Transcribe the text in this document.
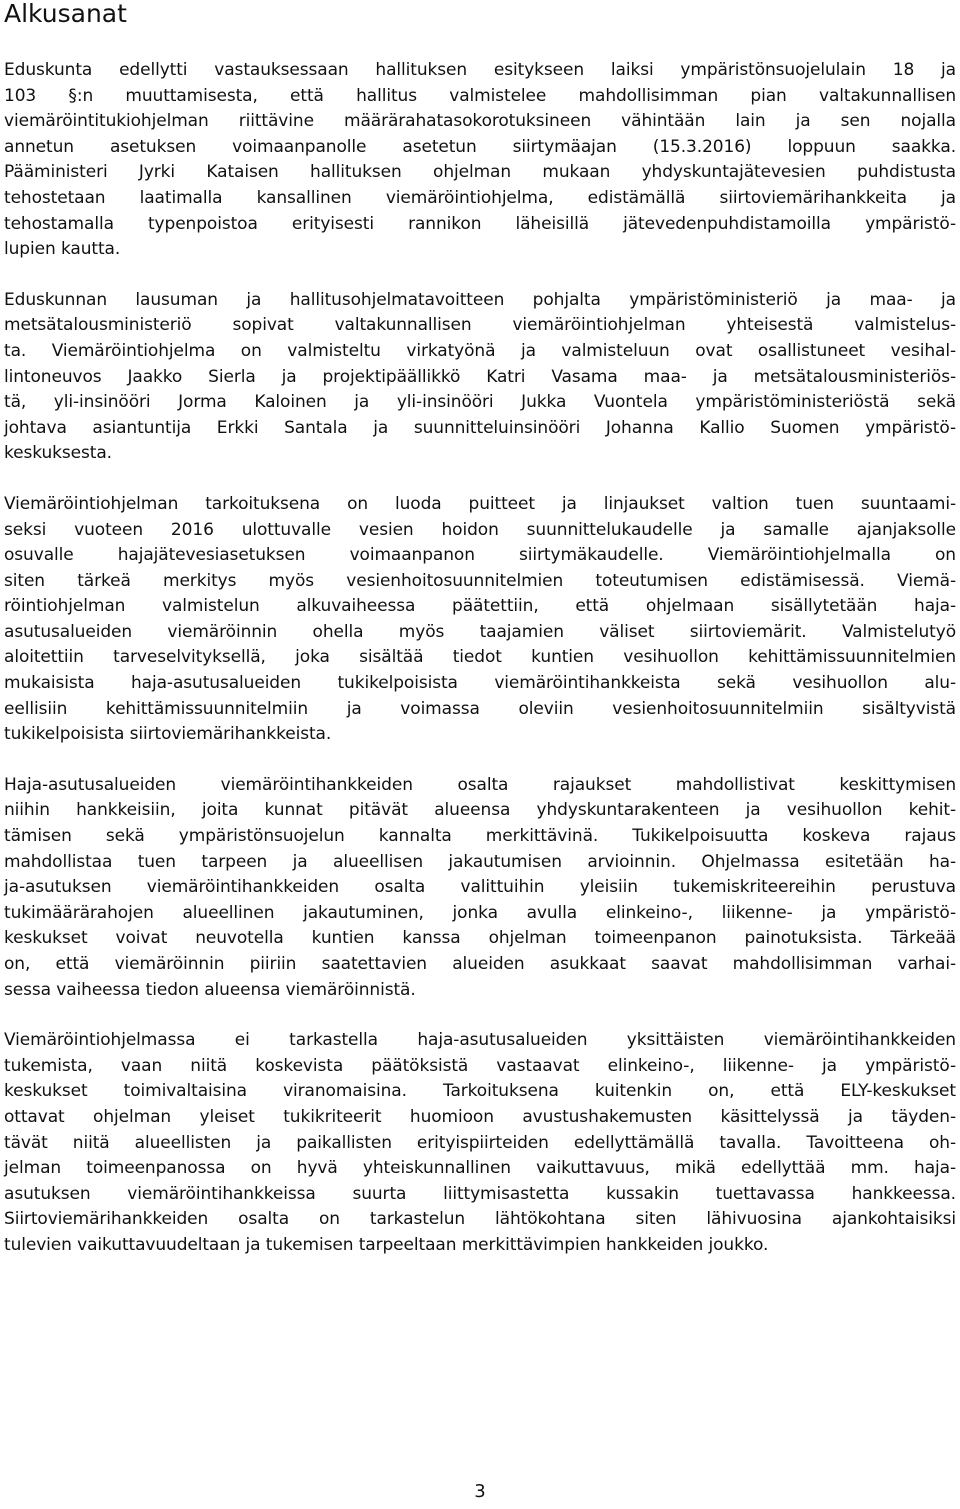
Alkusanat

Eduskunta edellytti vastauksessaan hallituksen esitykseen laiksi ympäristönsuojelulain 18 ja
103 §:n muuttamisesta, että hallitus valmistelee mahdollisimman pian valtakunnallisen
viemäröintitukiohjelman riittävine määrärahatasokorotuksineen vähintään lain ja sen nojalla
annetun asetuksen voimaanpanolle asetetun siirtymäajan (15.3.2016) loppuun saakka.
Pääministeri Jyrki Kataisen hallituksen ohjelman mukaan yhdyskuntajätevesien puhdistusta
tehostetaan laatimalla kansallinen viemäröintiohjelma, edistämällä siirtoviemärihankkeita ja
tehostamalla typenpoistoa erityisesti rannikon läheisillä jätevedenpuhdistamoilla ympäristö-
lupien kautta.

Eduskunnan lausuman ja hallitusohjelmatavoitteen pohjalta ympäristöministeriö ja maa- ja
metsätalousministeriö sopivat valtakunnallisen viemäröintiohjelman yhteisestä valmistelus-
ta. Viemäröintiohjelma on valmisteltu virkatyönä ja valmisteluun ovat osallistuneet vesihal-
lintoneuvos Jaakko Sierla ja projektipäällikkö Katri Vasama maa- ja metsätalousministeriös-
tä, yli-insinööri Jorma Kaloinen ja yli-insinööri Jukka Vuontela ympäristöministeriöstä sekä
johtava asiantuntija Erkki Santala ja suunnitteluinsinööri Johanna Kallio Suomen ympäristö-
keskuksesta.

Viemäröintiohjelman tarkoituksena on luoda puitteet ja linjaukset valtion tuen suuntaami-
seksi vuoteen 2016 ulottuvalle vesien hoidon suunnittelukaudelle ja samalle ajanjaksolle
osuvalle hajajätevesiasetuksen voimaanpanon siirtymäkaudelle. Viemäröintiohjelmalla on
siten tärkeä merkitys myös vesienhoitosuunnitelmien toteutumisen edistämisessä. Viemä-
röintiohjelman valmistelun alkuvaiheessa päätettiin, että ohjelmaan sisällytetään haja-
asutusalueiden viemäröinnin ohella myös taajamien väliset siirtoviemärit. Valmistelutyö
aloitettiin tarveselvityksellä, joka sisältää tiedot kuntien vesihuollon kehittämissuunnitelmien
mukaisista haja-asutusalueiden tukikelpoisista viemäröintihankkeista sekä vesihuollon alu-
eellisiin kehittämissuunnitelmiin ja voimassa oleviin vesienhoitosuunnitelmiin sisältyvistä
tukikelpoisista siirtoviemärihankkeista.

Haja-asutusalueiden viemäröintihankkeiden osalta rajaukset mahdollistivat keskittymisen
niihin hankkeisiin, joita kunnat pitävät alueensa yhdyskuntarakenteen ja vesihuollon kehit-
tämisen sekä ympäristönsuojelun kannalta merkittävinä. Tukikelpoisuutta koskeva rajaus
mahdollistaa tuen tarpeen ja alueellisen jakautumisen arvioinnin. Ohjelmassa esitetään ha-
ja-asutuksen viemäröintihankkeiden osalta valittuihin yleisiin tukemiskriteereihin perustuva
tukimäärärahojen alueellinen jakautuminen, jonka avulla elinkeino-, liikenne- ja ympäristö-
keskukset voivat neuvotella kuntien kanssa ohjelman toimeenpanon painotuksista. Tärkeää
on, että viemäröinnin piiriin saatettavien alueiden asukkaat saavat mahdollisimman varhai-
sessa vaiheessa tiedon alueensa viemäröinnistä.

Viemäröintiohjelmassa ei tarkastella haja-asutusalueiden yksittäisten viemäröintihankkeiden
tukemista, vaan niitä koskevista päätöksistä vastaavat elinkeino-, liikenne- ja ympäristö-
keskukset toimivaltaisina viranomaisina. Tarkoituksena kuitenkin on, että ELY-keskukset
ottavat ohjelman yleiset tukikriteerit huomioon avustushakemusten käsittelyssä ja täyden-
tävät niitä alueellisten ja paikallisten erityispiirteiden edellyttämällä tavalla. Tavoitteena oh-
jelman toimeenpanossa on hyvä yhteiskunnallinen vaikuttavuus, mikä edellyttää mm. haja-
asutuksen viemäröintihankkeissa suurta liittymisastetta kussakin tuettavassa hankkeessa.
Siirtoviemärihankkeiden osalta on tarkastelun lähtökohtana siten lähivuosina ajankohtaisiksi
tulevien vaikuttavuudeltaan ja tukemisen tarpeeltaan merkittävimpien hankkeiden joukko.

3
